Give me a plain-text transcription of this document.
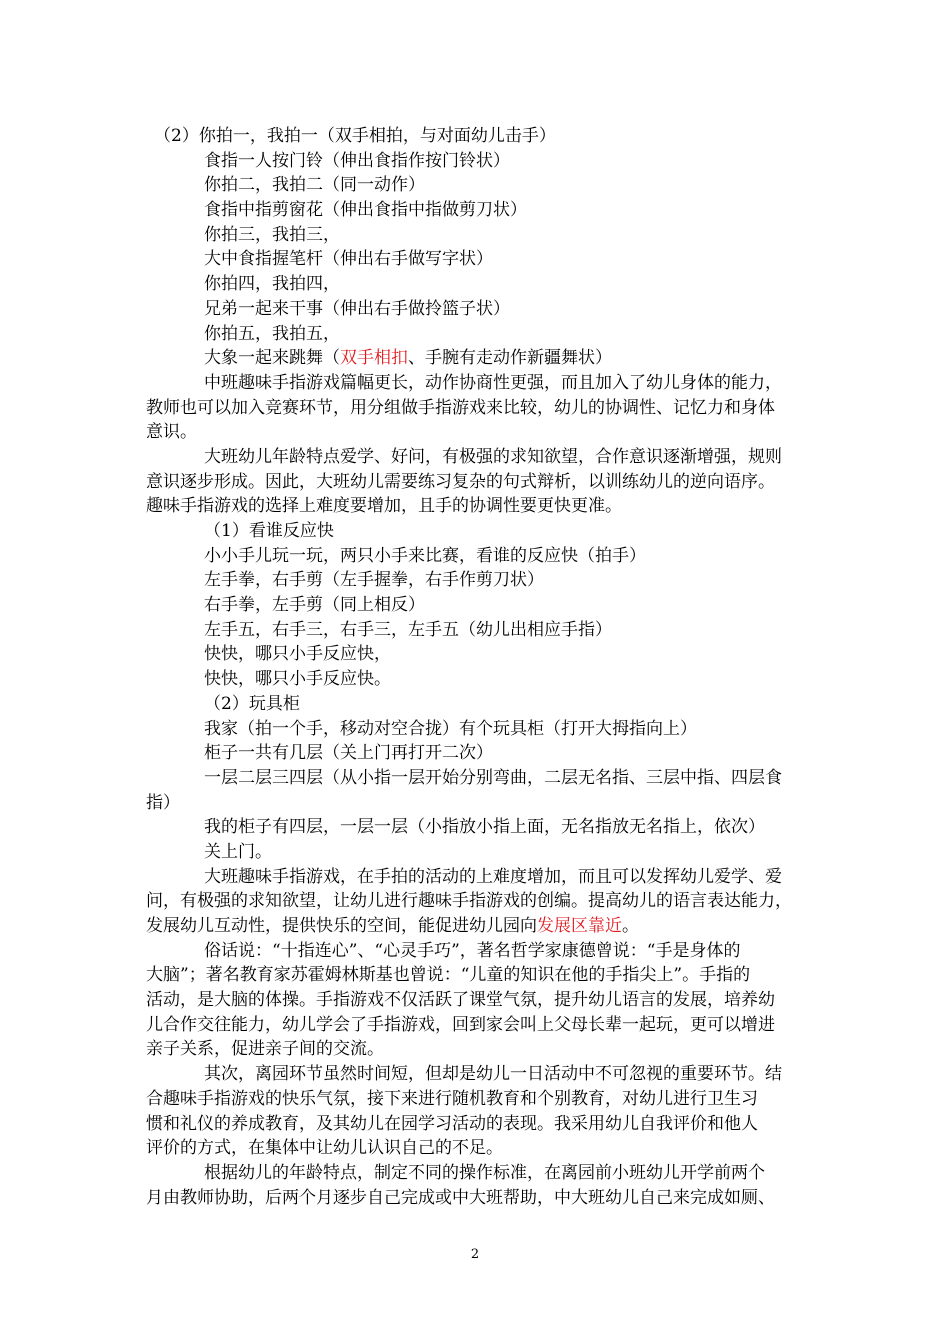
（2）你拍一，我拍一（双手相拍，与对面幼儿击手）
食指一人按门铃（伸出食指作按门铃状）
你拍二，我拍二（同一动作）
食指中指剪窗花（伸出食指中指做剪刀状）
你拍三，我拍三，
大中食指握笔杆（伸出右手做写字状）
你拍四，我拍四，
兄弟一起来干事（伸出右手做拎篮子状）
你拍五，我拍五，
大象一起来跳舞（双手相扣、手腕有走动作新疆舞状）
中班趣味手指游戏篇幅更长，动作协商性更强，而且加入了幼儿身体的能力，
教师也可以加入竞赛环节，用分组做手指游戏来比较，幼儿的协调性、记忆力和身体
意识。
大班幼儿年龄特点爱学、好问，有极强的求知欲望，合作意识逐渐增强，规则
意识逐步形成。因此，大班幼儿需要练习复杂的句式辩析，以训练幼儿的逆向语序。
趣味手指游戏的选择上难度要增加，且手的协调性要更快更准。
（1）看谁反应快
小小手儿玩一玩，两只小手来比赛，看谁的反应快（拍手）
左手拳，右手剪（左手握拳，右手作剪刀状）
右手拳，左手剪（同上相反）
左手五，右手三，右手三，左手五（幼儿出相应手指）
快快，哪只小手反应快，
快快，哪只小手反应快。
（2）玩具柜
我家（拍一个手，移动对空合拢）有个玩具柜（打开大拇指向上）
柜子一共有几层（关上门再打开二次）
一层二层三四层（从小指一层开始分别弯曲，二层无名指、三层中指、四层食
指）
我的柜子有四层，一层一层（小指放小指上面，无名指放无名指上，依次）
关上门。
大班趣味手指游戏，在手拍的活动的上难度增加，而且可以发挥幼儿爱学、爱
问，有极强的求知欲望，让幼儿进行趣味手指游戏的创编。提高幼儿的语言表达能力，
发展幼儿互动性，提供快乐的空间，能促进幼儿园向发展区靠近。
俗话说：“十指连心”、“心灵手巧”，著名哲学家康德曾说：“手是身体的
大脑”；著名教育家苏霍姆林斯基也曾说：“儿童的知识在他的手指尖上”。手指的
活动，是大脑的体操。手指游戏不仅活跃了课堂气氛，提升幼儿语言的发展，培养幼
儿合作交往能力，幼儿学会了手指游戏，回到家会叫上父母长辈一起玩，更可以增进
亲子关系，促进亲子间的交流。
其次，离园环节虽然时间短，但却是幼儿一日活动中不可忽视的重要环节。结
合趣味手指游戏的快乐气氛，接下来进行随机教育和个别教育，对幼儿进行卫生习
惯和礼仪的养成教育，及其幼儿在园学习活动的表现。我采用幼儿自我评价和他人
评价的方式，在集体中让幼儿认识自己的不足。
根据幼儿的年龄特点，制定不同的操作标准，在离园前小班幼儿开学前两个
月由教师协助，后两个月逐步自己完成或中大班帮助，中大班幼儿自己来完成如厕、
2
